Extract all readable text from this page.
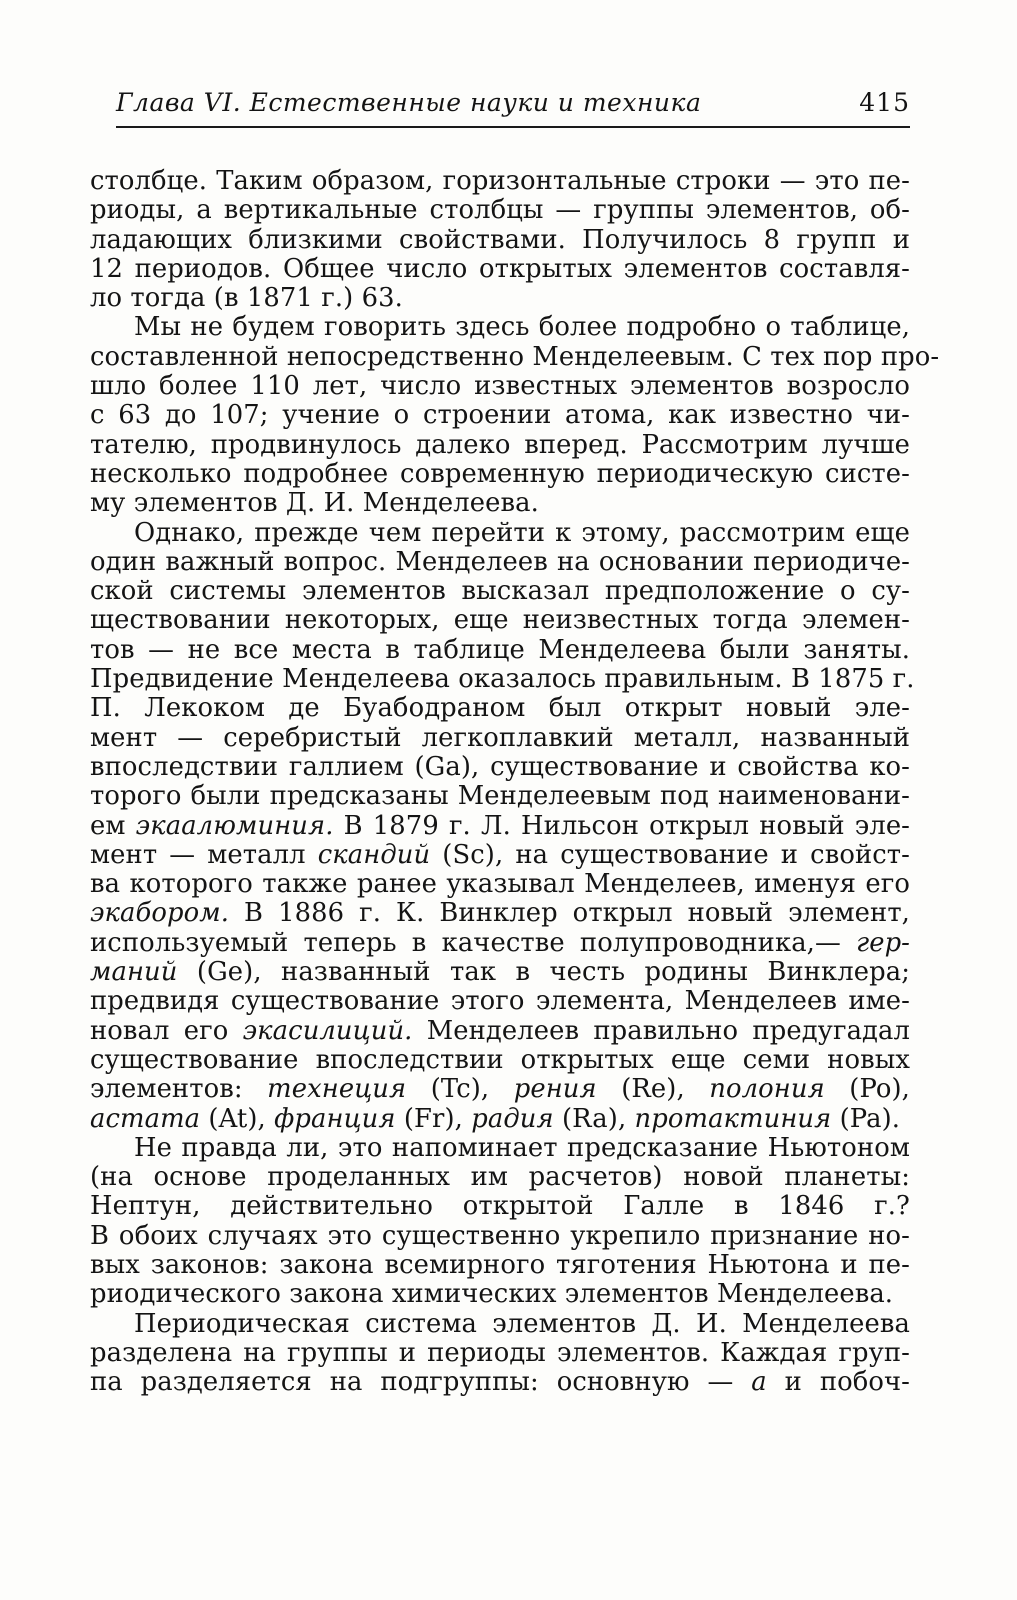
Глава VI. Естественные науки и техника	415
столбце. Таким образом, горизонтальные строки — это пе-
риоды, а вертикальные столбцы — группы элементов, об-
ладающих близкими свойствами. Получилось 8 групп и
12 периодов. Общее число открытых элементов составля-
ло тогда (в 1871 г.) 63.
Мы не будем говорить здесь более подробно о таблице,
составленной непосредственно Менделеевым. С тех пор про-
шло более 110 лет, число известных элементов возросло
с 63 до 107; учение о строении атома, как известно чи-
тателю, продвинулось далеко вперед. Рассмотрим лучше
несколько подробнее современную периодическую систе-
му элементов Д. И. Менделеева.
Однако, прежде чем перейти к этому, рассмотрим еще
один важный вопрос. Менделеев на основании периодиче-
ской системы элементов высказал предположение о су-
ществовании некоторых, еще неизвестных тогда элемен-
тов — не все места в таблице Менделеева были заняты.
Предвидение Менделеева оказалось правильным. В 1875 г.
П. Лекоком де Буабодраном был открыт новый эле-
мент — серебристый легкоплавкий металл, названный
впоследствии галлием (Ga), существование и свойства ко-
торого были предсказаны Менделеевым под наименовани-
ем экаалюминия. В 1879 г. Л. Нильсон открыл новый эле-
мент — металл скандий (Sc), на существование и свойст-
ва которого также ранее указывал Менделеев, именуя его
экабором. В 1886 г. К. Винклер открыл новый элемент,
используемый теперь в качестве полупроводника,— гер-
маний (Ge), названный так в честь родины Винклера;
предвидя существование этого элемента, Менделеев име-
новал его экасилиций. Менделеев правильно предугадал
существование впоследствии открытых еще семи новых
элементов: технеция (Tc), рения (Re), полония (Po),
астата (At), франция (Fr), радия (Ra), протактиния (Pa).
Не правда ли, это напоминает предсказание Ньютоном
(на основе проделанных им расчетов) новой планеты:
Нептун, действительно открытой Галле в 1846 г.?
В обоих случаях это существенно укрепило признание но-
вых законов: закона всемирного тяготения Ньютона и пе-
риодического закона химических элементов Менделеева.
Периодическая система элементов Д. И. Менделеева
разделена на группы и периоды элементов. Каждая груп-
па разделяется на подгруппы: основную — a и побоч-
